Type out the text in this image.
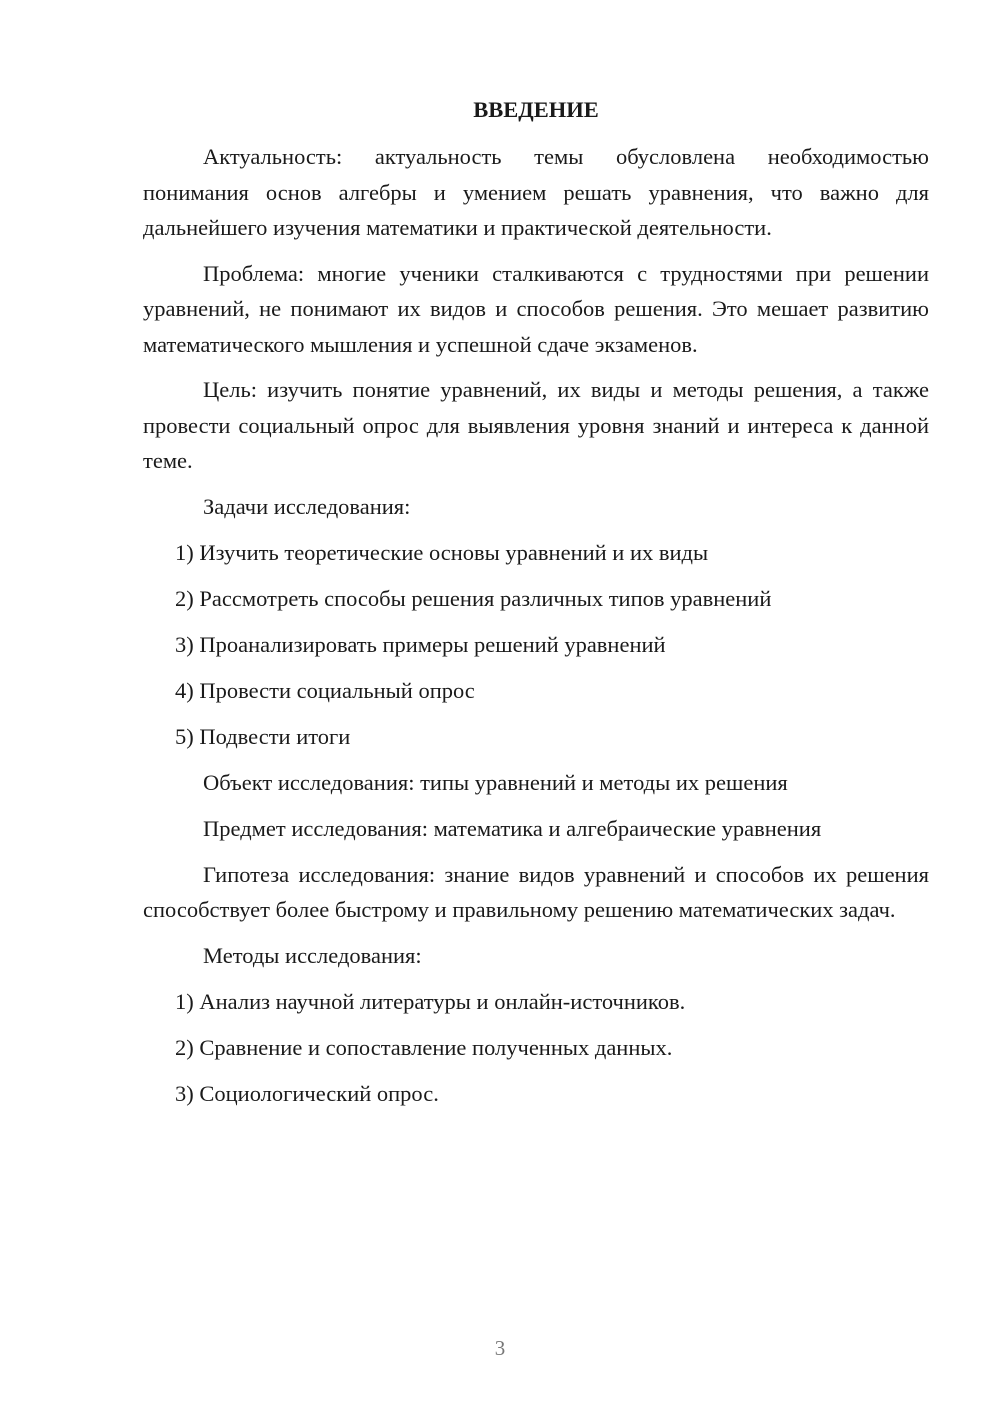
ВВЕДЕНИЕ

Актуальность: актуальность темы обусловлена необходимостью понимания основ алгебры и умением решать уравнения, что важно для дальнейшего изучения математики и практической деятельности.

Проблема: многие ученики сталкиваются с трудностями при решении уравнений, не понимают их видов и способов решения. Это мешает развитию математического мышления и успешной сдаче экзаменов.

Цель: изучить понятие уравнений, их виды и методы решения, а также провести социальный опрос для выявления уровня знаний и интереса к данной теме.

Задачи исследования:

1) Изучить теоретические основы уравнений и их виды
2) Рассмотреть способы решения различных типов уравнений
3) Проанализировать примеры решений уравнений
4) Провести социальный опрос
5) Подвести итоги

Объект исследования: типы уравнений и методы их решения

Предмет исследования: математика и алгебраические уравнения

Гипотеза исследования: знание видов уравнений и способов их решения способствует более быстрому и правильному решению математических задач.

Методы исследования:

1) Анализ научной литературы и онлайн-источников.
2) Сравнение и сопоставление полученных данных.
3) Социологический опрос.
3
